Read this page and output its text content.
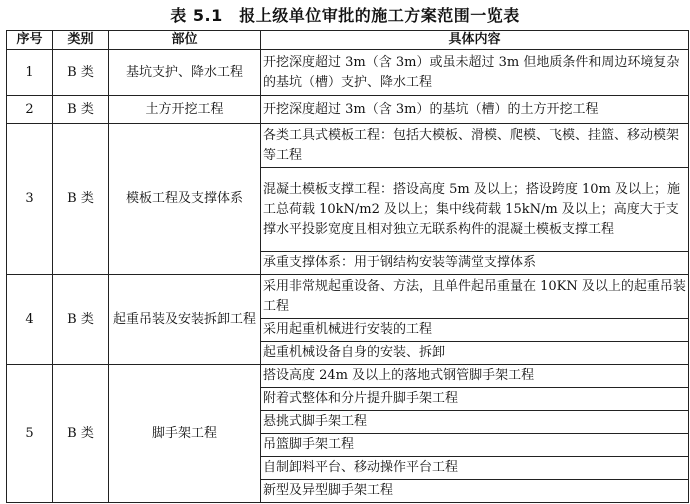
表 5.1　报上级单位审批的施工方案范围一览表
序号	类别	部位	具体内容
1	B 类	基坑支护、降水工程	开挖深度超过 3m（含 3m）或虽未超过 3m 但地质条件和周边环境复杂的基坑（槽）支护、降水工程
2	B 类	土方开挖工程	开挖深度超过 3m（含 3m）的基坑（槽）的土方开挖工程
3	B 类	模板工程及支撑体系	各类工具式模板工程：包括大模板、滑模、爬模、飞模、挂篮、移动模架等工程
			混凝土模板支撑工程：搭设高度 5m 及以上；搭设跨度 10m 及以上；施工总荷载 10kN/m2 及以上；集中线荷载 15kN/m 及以上；高度大于支撑水平投影宽度且相对独立无联系构件的混凝土模板支撑工程
			承重支撑体系：用于钢结构安装等满堂支撑体系
4	B 类	起重吊装及安装拆卸工程	采用非常规起重设备、方法，且单件起吊重量在 10KN 及以上的起重吊装工程
			采用起重机械进行安装的工程
			起重机械设备自身的安装、拆卸
5	B 类	脚手架工程	搭设高度 24m 及以上的落地式钢管脚手架工程
			附着式整体和分片提升脚手架工程
			悬挑式脚手架工程
			吊篮脚手架工程
			自制卸料平台、移动操作平台工程
			新型及异型脚手架工程
